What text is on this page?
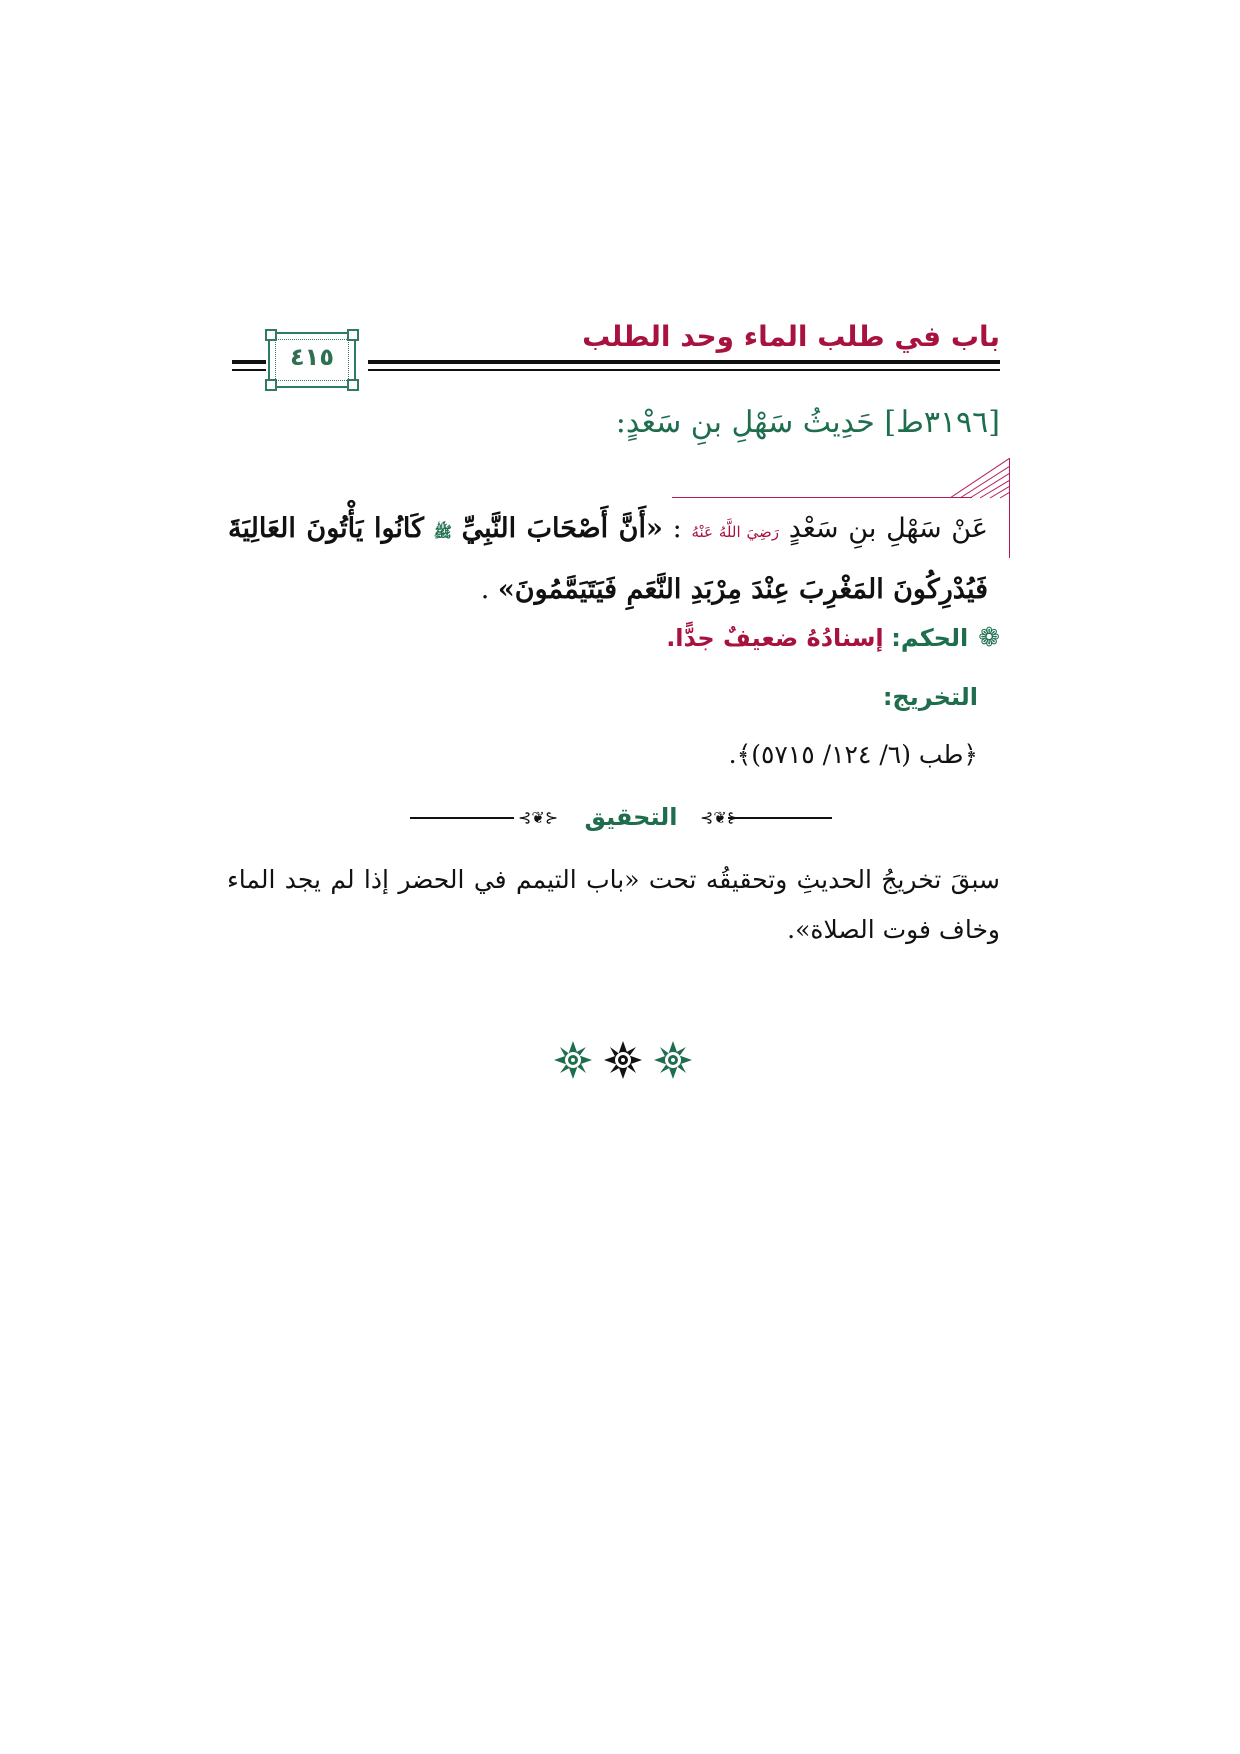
باب في طلب الماء وحد الطلب
٤١٥
[٣١٩٦ط] حَدِيثُ سَهْلِ بنِ سَعْدٍ:
عَنْ سَهْلِ بنِ سَعْدٍ رَضِيَ اللَّهُ عَنْهُ : «أَنَّ أَصْحَابَ النَّبِيِّ ﷺ كَانُوا يَأْتُونَ العَالِيَةَ فَيُدْرِكُونَ المَغْرِبَ عِنْدَ مِرْبَدِ النَّعَمِ فَيَتَيَمَّمُونَ» .
❁الحكم: إسنادُهُ ضعيفٌ جدًّا.
التخريج:
﴿طب (٦/ ١٢٤/ ٥٧١٥)﴾.
⊰❦⊱
التحقيق
⊰❦⊱
سبقَ تخريجُ الحديثِ وتحقيقُه تحت «باب التيمم في الحضر إذا لم يجد الماء وخاف فوت الصلاة».
